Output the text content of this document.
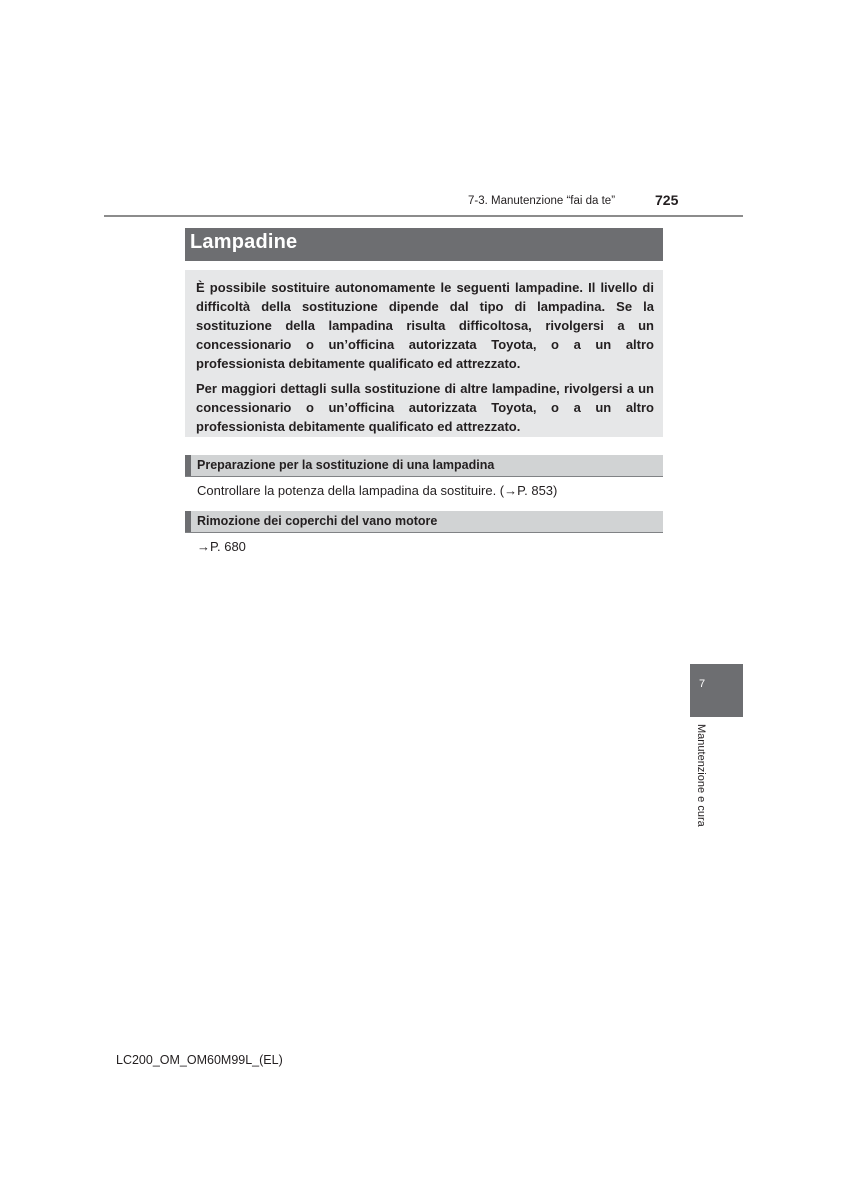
7-3. Manutenzione “fai da te”	725
Lampadine

È possibile sostituire autonomamente le seguenti lampadine. Il livello di difficoltà della sostituzione dipende dal tipo di lampadina. Se la sostituzione della lampadina risulta difficoltosa, rivolgersi a un concessionario o un’officina autorizzata Toyota, o a un altro professionista debitamente qualificato ed attrezzato.

Per maggiori dettagli sulla sostituzione di altre lampadine, rivolgersi a un concessionario o un’officina autorizzata Toyota, o a un altro professionista debitamente qualificato ed attrezzato.

Preparazione per la sostituzione di una lampadina
Controllare la potenza della lampadina da sostituire. (→P. 853)
Rimozione dei coperchi del vano motore
→P. 680
7
Manutenzione e cura
LC200_OM_OM60M99L_(EL)
